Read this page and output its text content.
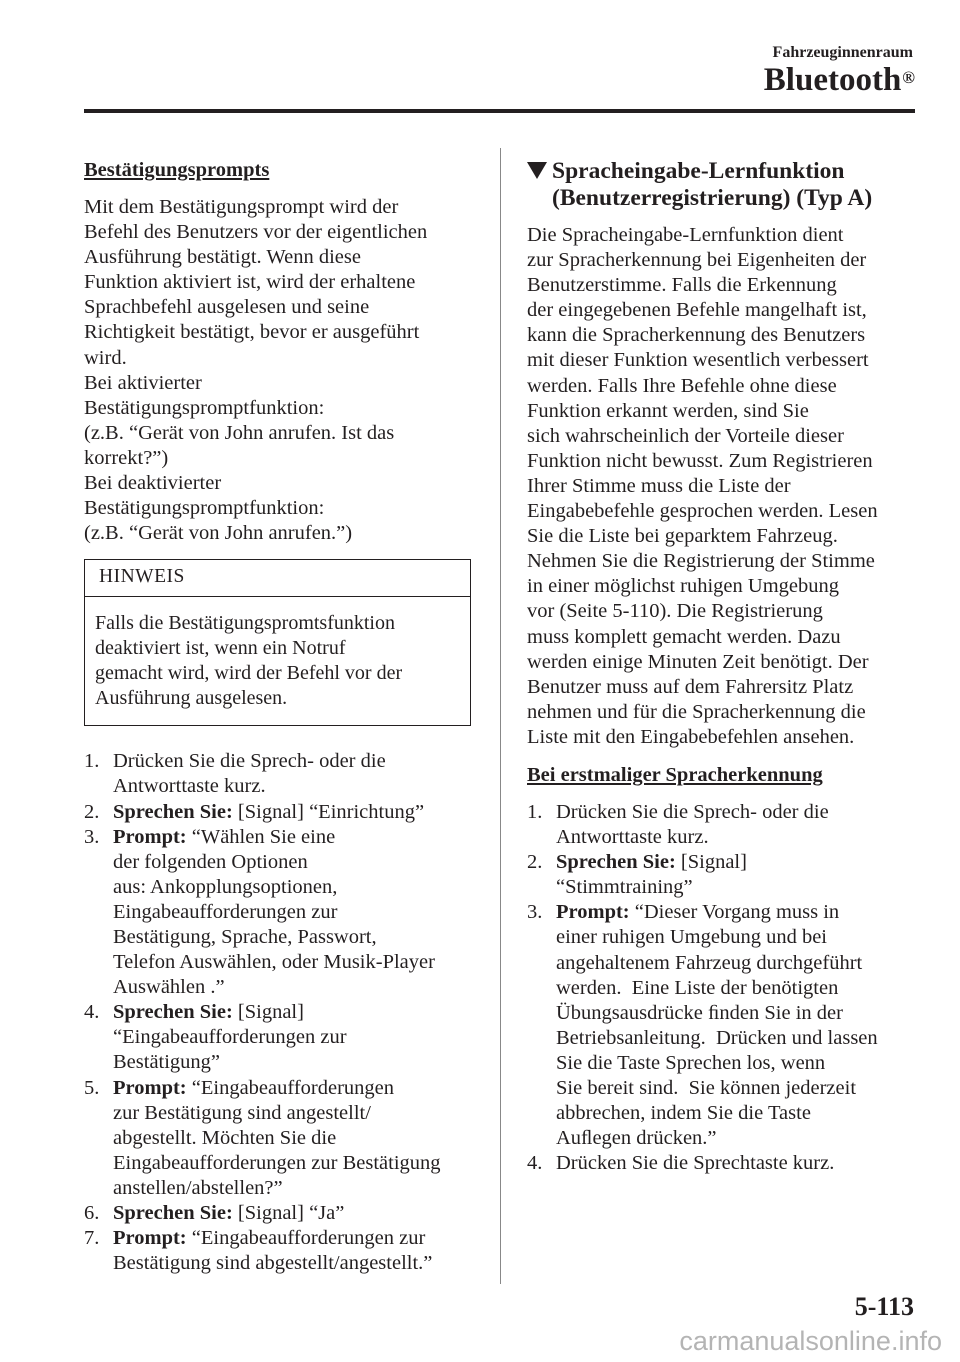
Fahrzeuginnenraum
Bluetooth®
Bestätigungsprompts
Mit dem Bestätigungsprompt wird der
Befehl des Benutzers vor der eigentlichen
Ausführung bestätigt. Wenn diese
Funktion aktiviert ist, wird der erhaltene
Sprachbefehl ausgelesen und seine
Richtigkeit bestätigt, bevor er ausgeführt
wird.
Bei aktivierter
Bestätigungspromptfunktion:
(z.B. “Gerät von John anrufen. Ist das
korrekt?”)
Bei deaktivierter
Bestätigungspromptfunktion:
(z.B. “Gerät von John anrufen.”)
HINWEIS
Falls die Bestätigungspromtsfunktion
deaktiviert ist, wenn ein Notruf
gemacht wird, wird der Befehl vor der
Ausführung ausgelesen.
1. Drücken Sie die Sprech- oder die
Antworttaste kurz.
2. Sprechen Sie: [Signal] “Einrichtung”
3. Prompt: “Wählen Sie eine
der folgenden Optionen
aus: Ankopplungsoptionen,
Eingabeaufforderungen zur
Bestätigung, Sprache, Passwort,
Telefon Auswählen, oder Musik-Player
Auswählen .”
4. Sprechen Sie: [Signal]
“Eingabeaufforderungen zur
Bestätigung”
5. Prompt: “Eingabeaufforderungen
zur Bestätigung sind angestellt/
abgestellt. Möchten Sie die
Eingabeaufforderungen zur Bestätigung
anstellen/abstellen?”
6. Sprechen Sie: [Signal] “Ja”
7. Prompt: “Eingabeaufforderungen zur
Bestätigung sind abgestellt/angestellt.”
Spracheingabe-Lernfunktion
(Benutzerregistrierung) (Typ A)
Die Spracheingabe-Lernfunktion dient
zur Spracherkennung bei Eigenheiten der
Benutzerstimme. Falls die Erkennung
der eingegebenen Befehle mangelhaft ist,
kann die Spracherkennung des Benutzers
mit dieser Funktion wesentlich verbessert
werden. Falls Ihre Befehle ohne diese
Funktion erkannt werden, sind Sie
sich wahrscheinlich der Vorteile dieser
Funktion nicht bewusst. Zum Registrieren
Ihrer Stimme muss die Liste der
Eingabebefehle gesprochen werden. Lesen
Sie die Liste bei geparktem Fahrzeug.
Nehmen Sie die Registrierung der Stimme
in einer möglichst ruhigen Umgebung
vor (Seite 5-110). Die Registrierung
muss komplett gemacht werden. Dazu
werden einige Minuten Zeit benötigt. Der
Benutzer muss auf dem Fahrersitz Platz
nehmen und für die Spracherkennung die
Liste mit den Eingabebefehlen ansehen.
Bei erstmaliger Spracherkennung
1. Drücken Sie die Sprech- oder die
Antworttaste kurz.
2. Sprechen Sie: [Signal]
“Stimmtraining”
3. Prompt: “Dieser Vorgang muss in
einer ruhigen Umgebung und bei
angehaltenem Fahrzeug durchgeführt
werden.  Eine Liste der benötigten
Übungsausdrücke ﬁnden Sie in der
Betriebsanleitung.  Drücken und lassen
Sie die Taste Sprechen los, wenn
Sie bereit sind.  Sie können jederzeit
abbrechen, indem Sie die Taste
Auﬂegen drücken.”
4. Drücken Sie die Sprechtaste kurz.
5-113
carmanualsonline.info
